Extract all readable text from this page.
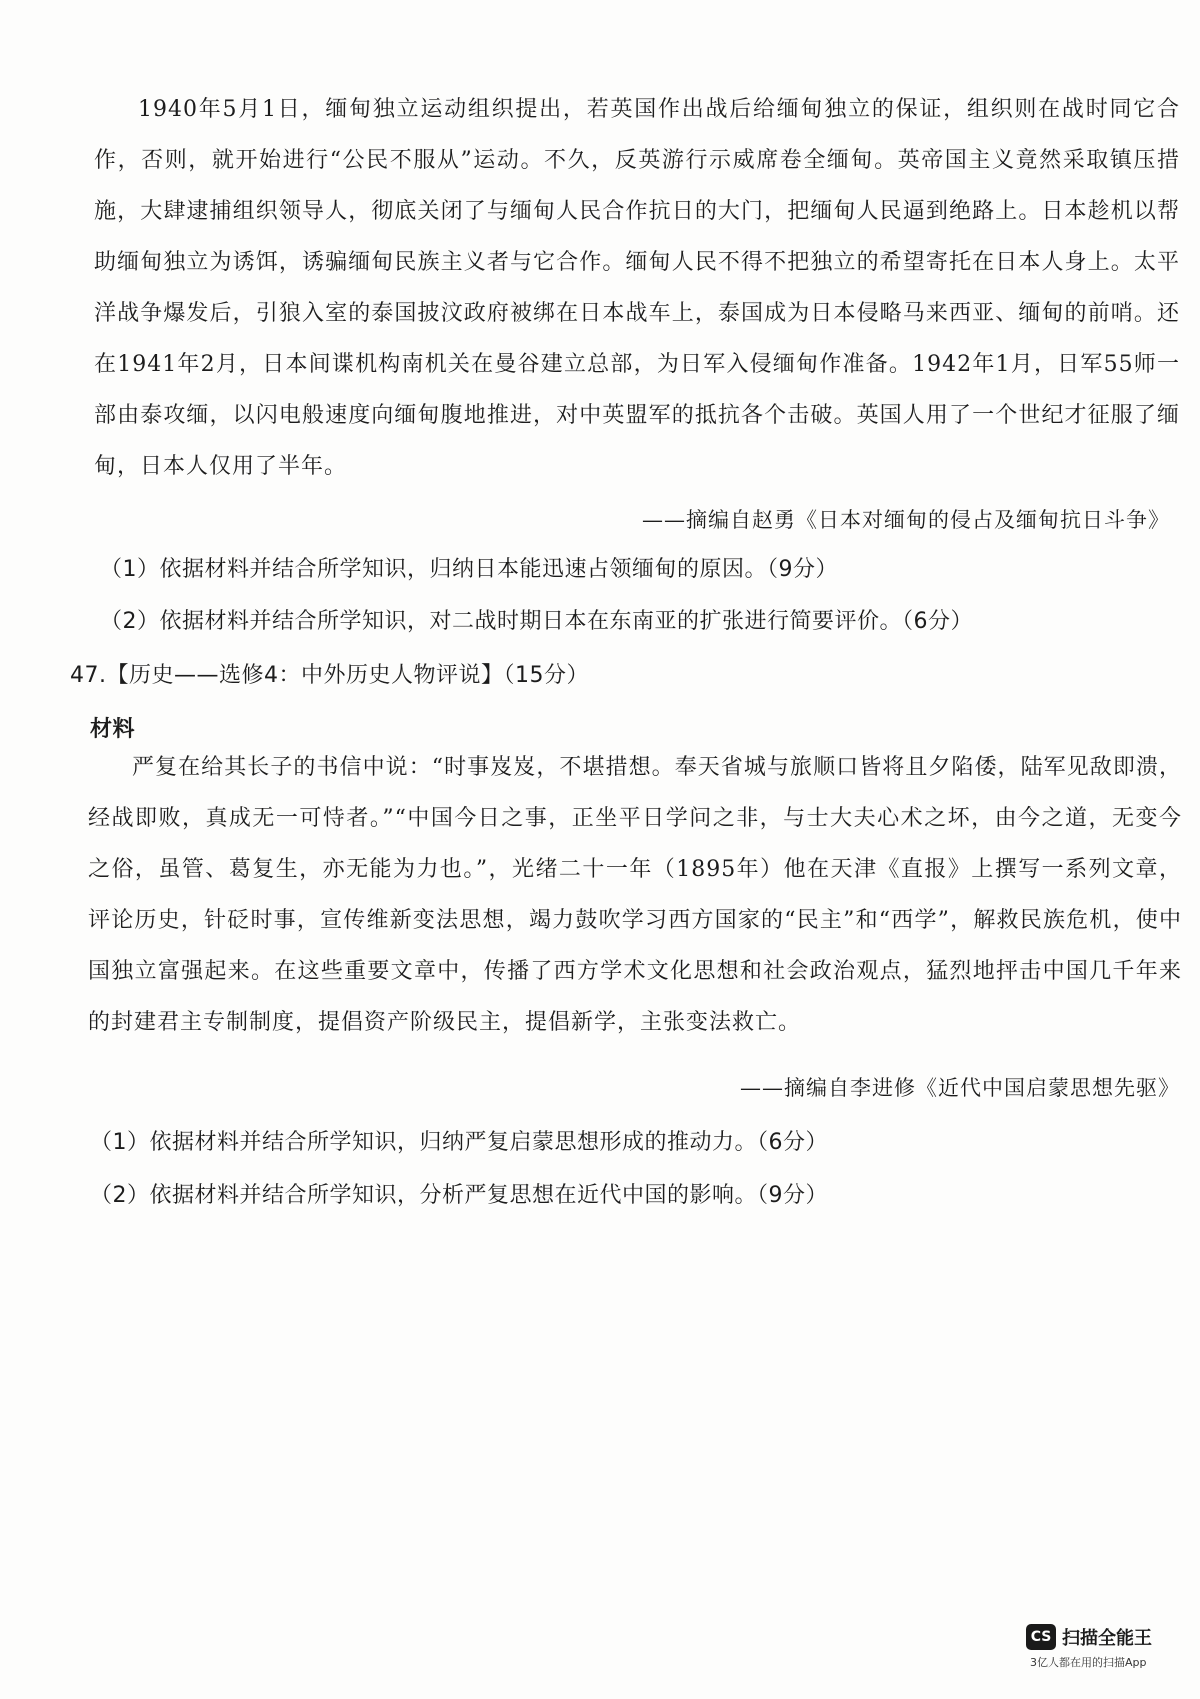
1940年5月1日，缅甸独立运动组织提出，若英国作出战后给缅甸独立的保证，组织则在战时同它合作，否则，就开始进行“公民不服从”运动。不久，反英游行示威席卷全缅甸。英帝国主义竟然采取镇压措施，大肆逮捕组织领导人，彻底关闭了与缅甸人民合作抗日的大门，把缅甸人民逼到绝路上。日本趁机以帮助缅甸独立为诱饵，诱骗缅甸民族主义者与它合作。缅甸人民不得不把独立的希望寄托在日本人身上。太平洋战争爆发后，引狼入室的泰国披汶政府被绑在日本战车上，泰国成为日本侵略马来西亚、缅甸的前哨。还在1941年2月，日本间谍机构南机关在曼谷建立总部，为日军入侵缅甸作准备。1942年1月，日军55师一部由泰攻缅，以闪电般速度向缅甸腹地推进，对中英盟军的抵抗各个击破。英国人用了一个世纪才征服了缅甸，日本人仅用了半年。

——摘编自赵勇《日本对缅甸的侵占及缅甸抗日斗争》

（1）依据材料并结合所学知识，归纳日本能迅速占领缅甸的原因。（9分）

（2）依据材料并结合所学知识，对二战时期日本在东南亚的扩张进行简要评价。（6分）

47.【历史——选修4：中外历史人物评说】（15分）

材料

严复在给其长子的书信中说：“时事岌岌，不堪措想。奉天省城与旅顺口皆将且夕陷倭，陆军见敌即溃，经战即败，真成无一可恃者。”“中国今日之事，正坐平日学问之非，与士大夫心术之坏，由今之道，无变今之俗，虽管、葛复生，亦无能为力也。”，光绪二十一年（1895年）他在天津《直报》上撰写一系列文章，评论历史，针砭时事，宣传维新变法思想，竭力鼓吹学习西方国家的“民主”和“西学”，解救民族危机，使中国独立富强起来。在这些重要文章中，传播了西方学术文化思想和社会政治观点，猛烈地抨击中国几千年来的封建君主专制制度，提倡资产阶级民主，提倡新学，主张变法救亡。

——摘编自李进修《近代中国启蒙思想先驱》

（1）依据材料并结合所学知识，归纳严复启蒙思想形成的推动力。（6分）

（2）依据材料并结合所学知识，分析严复思想在近代中国的影响。（9分）

CS 扫描全能王
3亿人都在用的扫描App
